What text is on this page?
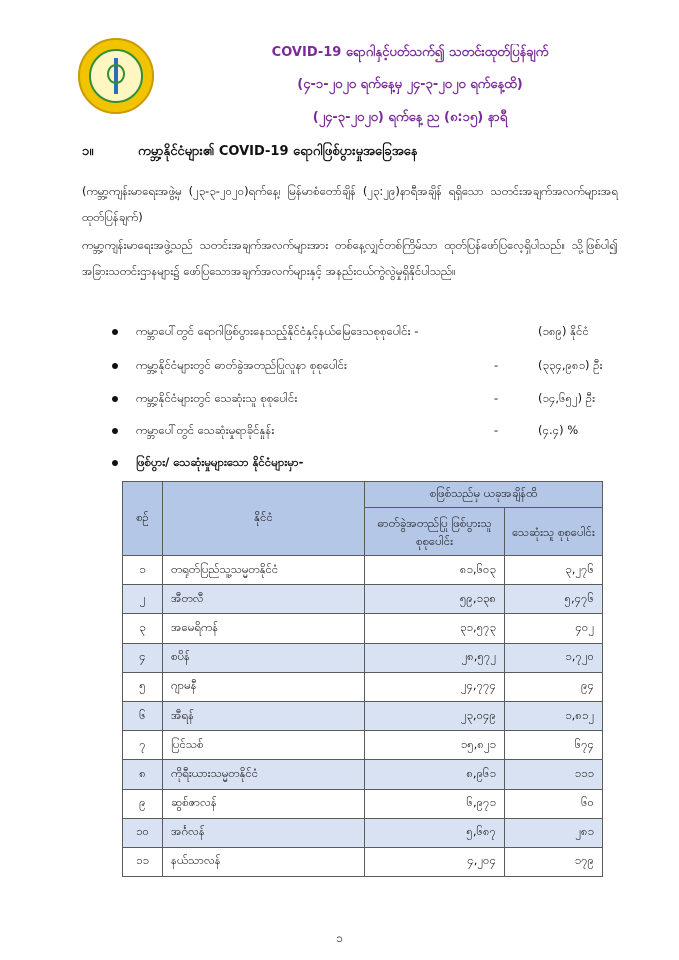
COVID-19 ရောဂါနှင့်ပတ်သက်၍ သတင်းထုတ်ပြန်ချက်
(၄-၁-၂၀၂၀ ရက်နေ့မှ ၂၄-၃-၂၀၂၀ ရက်နေ့ထိ)
(၂၄-၃-၂၀၂၀) ရက်နေ့ ည (၈:၁၅) နာရီ
၁။	ကမ္ဘာ့နိုင်ငံများ၏ COVID-19 ရောဂါဖြစ်ပွားမှုအခြေအနေ
(ကမ္ဘာ့ကျန်းမာရေးအဖွဲ့မှ (၂၃-၃-၂၀၂၀)ရက်နေ့၊ မြန်မာစံတော်ချိန် (၂၃:၂၉)နာရီအချိန် ရရှိသော သတင်းအချက်အလက်များအရ ထုတ်ပြန်ချက်)
ကမ္ဘာ့ကျန်းမာရေးအဖွဲ့သည် သတင်းအချက်အလက်များအား တစ်နေ့လျှင်တစ်ကြိမ်သာ ထုတ်ပြန်ဖော်ပြလေ့ရှိပါသည်။ သို့ဖြစ်ပါ၍ အခြားသတင်းဌာနများ၌ ဖော်ပြသောအချက်အလက်များနှင့် အနည်းငယ်ကွဲလွဲမှုရှိနိုင်ပါသည်။
ကမ္ဘာပေါ်တွင် ရောဂါဖြစ်ပွားနေသည့်နိုင်ငံနှင့်နယ်မြေဒေသစုစုပေါင်း -	(၁၈၉) နိုင်ငံ
ကမ္ဘာ့နိုင်ငံများတွင် ဓာတ်ခွဲအတည်ပြုလူနာ စုစုပေါင်း	-	(၃၃၄,၉၈၁) ဦး
ကမ္ဘာ့နိုင်ငံများတွင် သေဆုံးသူ စုစုပေါင်း	-	(၁၄,၆၅၂) ဦး
ကမ္ဘာပေါ်တွင် သေဆုံးမှုရာခိုင်နှုန်း	-	(၄.၄) %
ဖြစ်ပွား/ သေဆုံးမှုများသော နိုင်ငံများမှာ-
စဉ်	နိုင်ငံ	စဖြစ်သည်မှ ယခုအချိန်ထိ	
		ဓာတ်ခွဲအတည်ပြု ဖြစ်ပွားသူ စုစုပေါင်း	သေဆုံးသူ စုစုပေါင်း
၁	တရုတ်ပြည်သူ့သမ္မတနိုင်ငံ	၈၁,၆၀၃	၃,၂၇၆
၂	အီတလီ	၅၉,၁၃၈	၅,၄၇၆
၃	အမေရိကန်	၃၁,၅၇၃	၄၀၂
၄	စပိန်	၂၈,၅၇၂	၁,၇၂၀
၅	ဂျာမနီ	၂၄,၇၇၄	၉၄
၆	အီရန်	၂၃,၀၄၉	၁,၈၁၂
၇	ပြင်သစ်	၁၅,၈၂၁	၆၇၄
၈	ကိုရီးယားသမ္မတနိုင်ငံ	၈,၉၆၁	၁၁၁
၉	ဆွစ်ဇာလန်	၆,၉၇၁	၆၀
၁၀	အင်္ဂလန်	၅,၆၈၇	၂၈၁
၁၁	နယ်သာလန်	၄,၂၀၄	၁၇၉
၁
